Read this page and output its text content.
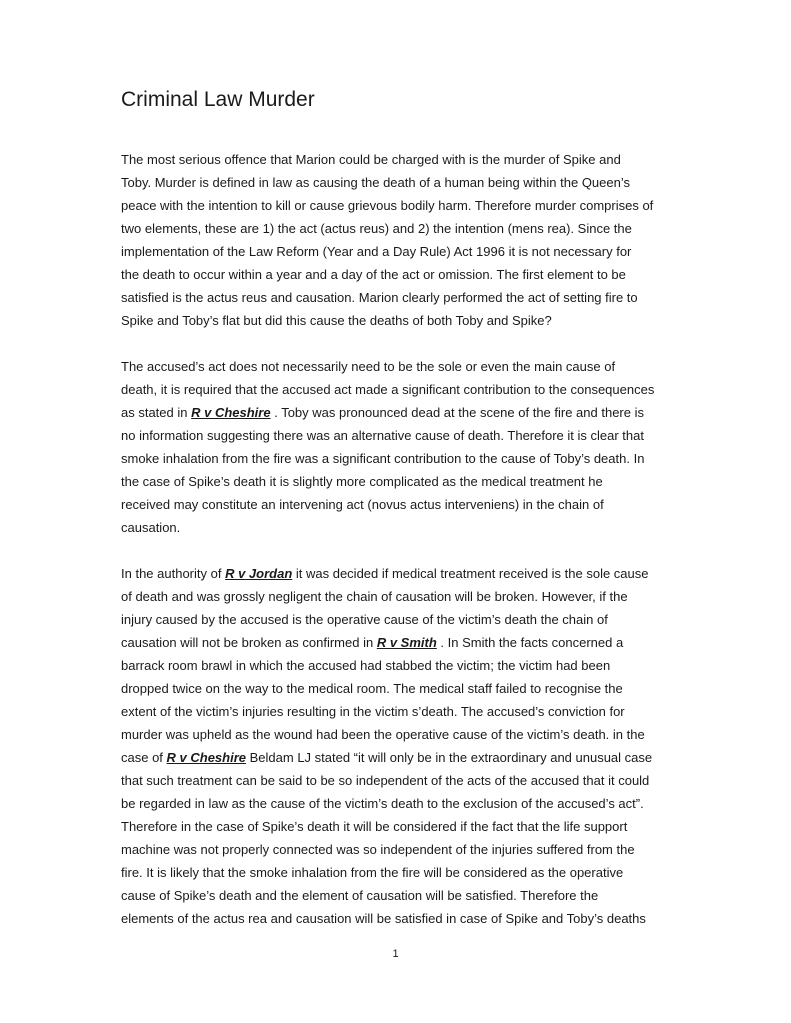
Criminal Law Murder
The most serious offence that Marion could be charged with is the murder of Spike and
Toby. Murder is defined in law as causing the death of a human being within the Queen’s
peace with the intention to kill or cause grievous bodily harm. Therefore murder comprises of
two elements, these are 1) the act (actus reus) and 2) the intention (mens rea). Since the
implementation of the Law Reform (Year and a Day Rule) Act 1996 it is not necessary for
the death to occur within a year and a day of the act or omission. The first element to be
satisfied is the actus reus and causation. Marion clearly performed the act of setting fire to
Spike and Toby’s flat but did this cause the deaths of both Toby and Spike?
The accused’s act does not necessarily need to be the sole or even the main cause of
death, it is required that the accused act made a significant contribution to the consequences
as stated in R v Cheshire . Toby was pronounced dead at the scene of the fire and there is
no information suggesting there was an alternative cause of death. Therefore it is clear that
smoke inhalation from the fire was a significant contribution to the cause of Toby’s death. In
the case of Spike’s death it is slightly more complicated as the medical treatment he
received may constitute an intervening act (novus actus interveniens) in the chain of
causation.
In the authority of R v Jordan it was decided if medical treatment received is the sole cause
of death and was grossly negligent the chain of causation will be broken. However, if the
injury caused by the accused is the operative cause of the victim’s death the chain of
causation will not be broken as confirmed in R v Smith . In Smith the facts concerned a
barrack room brawl in which the accused had stabbed the victim; the victim had been
dropped twice on the way to the medical room. The medical staff failed to recognise the
extent of the victim’s injuries resulting in the victim s’death. The accused’s conviction for
murder was upheld as the wound had been the operative cause of the victim’s death. in the
case of R v Cheshire Beldam LJ stated “it will only be in the extraordinary and unusual case
that such treatment can be said to be so independent of the acts of the accused that it could
be regarded in law as the cause of the victim’s death to the exclusion of the accused’s act”.
Therefore in the case of Spike’s death it will be considered if the fact that the life support
machine was not properly connected was so independent of the injuries suffered from the
fire. It is likely that the smoke inhalation from the fire will be considered as the operative
cause of Spike’s death and the element of causation will be satisfied. Therefore the
elements of the actus rea and causation will be satisfied in case of Spike and Toby’s deaths
1
